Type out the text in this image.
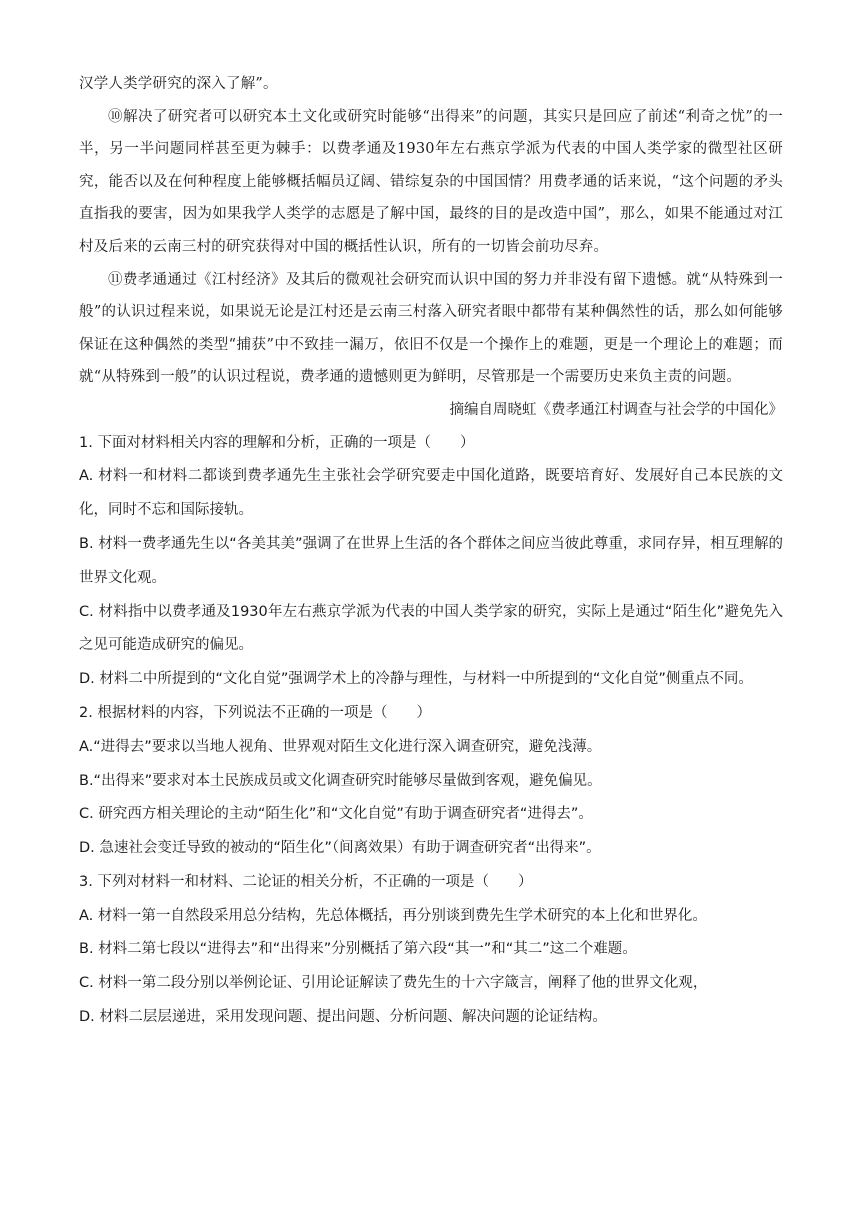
汉学人类学研究的深入了解”。

⑩解决了研究者可以研究本土文化或研究时能够“出得来”的问题，其实只是回应了前述“利奇之忧”的一半，另一半问题同样甚至更为棘手：以费孝通及1930年左右燕京学派为代表的中国人类学家的微型社区研究，能否以及在何种程度上能够概括幅员辽阔、错综复杂的中国国情？用费孝通的话来说，“这个问题的矛头直指我的要害，因为如果我学人类学的志愿是了解中国，最终的目的是改造中国”，那么，如果不能通过对江村及后来的云南三村的研究获得对中国的概括性认识，所有的一切皆会前功尽弃。

⑪费孝通通过《江村经济》及其后的微观社会研究而认识中国的努力并非没有留下遗憾。就“从特殊到一般”的认识过程来说，如果说无论是江村还是云南三村落入研究者眼中都带有某种偶然性的话，那么如何能够保证在这种偶然的类型“捕获”中不致挂一漏万，依旧不仅是一个操作上的难题，更是一个理论上的难题；而就“从特殊到一般”的认识过程说，费孝通的遗憾则更为鲜明，尽管那是一个需要历史来负主责的问题。

摘编自周晓虹《费孝通江村调查与社会学的中国化》

1. 下面对材料相关内容的理解和分析，正确的一项是（　　）

A. 材料一和材料二都谈到费孝通先生主张社会学研究要走中国化道路，既要培育好、发展好自己本民族的文化，同时不忘和国际接轨。

B. 材料一费孝通先生以“各美其美”强调了在世界上生活的各个群体之间应当彼此尊重，求同存异，相互理解的世界文化观。

C. 材料指中以费孝通及1930年左右燕京学派为代表的中国人类学家的研究，实际上是通过“陌生化”避免先入之见可能造成研究的偏见。

D. 材料二中所提到的“文化自觉”强调学术上的冷静与理性，与材料一中所提到的“文化自觉”侧重点不同。

2. 根据材料的内容，下列说法不正确的一项是（　　）

A.“进得去”要求以当地人视角、世界观对陌生文化进行深入调查研究，避免浅薄。

B.“出得来”要求对本土民族成员或文化调查研究时能够尽量做到客观，避免偏见。

C. 研究西方相关理论的主动“陌生化”和“文化自觉”有助于调查研究者“进得去”。

D. 急速社会变迁导致的被动的“陌生化”（间离效果）有助于调查研究者“出得来”。

3. 下列对材料一和材料、二论证的相关分析，不正确的一项是（　　）

A. 材料一第一自然段采用总分结构，先总体概括，再分别谈到费先生学术研究的本上化和世界化。

B. 材料二第七段以“进得去”和“出得来”分别概括了第六段“其一”和“其二”这二个难题。

C. 材料一第二段分别以举例论证、引用论证解读了费先生的十六字箴言，阐释了他的世界文化观，

D. 材料二层层递进，采用发现问题、提出问题、分析问题、解决问题的论证结构。
